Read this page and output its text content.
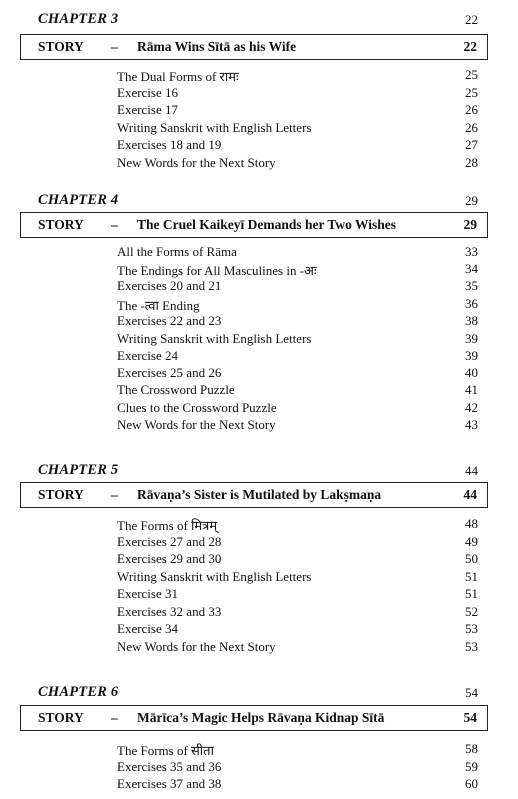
CHAPTER 3	22
STORY – Rāma Wins Sītā as his Wife	22
The Dual Forms of रामः	25
Exercise 16	25
Exercise 17	26
Writing Sanskrit with English Letters	26
Exercises 18 and 19	27
New Words for the Next Story	28
CHAPTER 4	29
STORY – The Cruel Kaikeyī Demands her Two Wishes	29
All the Forms of Rāma	33
The Endings for All Masculines in -अः	34
Exercises 20 and 21	35
The -त्वा Ending	36
Exercises 22 and 23	38
Writing Sanskrit with English Letters	39
Exercise 24	39
Exercises 25 and 26	40
The Crossword Puzzle	41
Clues to the Crossword Puzzle	42
New Words for the Next Story	43
CHAPTER 5	44
STORY – Rāvaṇa’s Sister is Mutilated by Lakṣmaṇa	44
The Forms of मित्रम्	48
Exercises 27 and 28	49
Exercises 29 and 30	50
Writing Sanskrit with English Letters	51
Exercise 31	51
Exercises 32 and 33	52
Exercise 34	53
New Words for the Next Story	53
CHAPTER 6	54
STORY – Mārīca’s Magic Helps Rāvaṇa Kidnap Sītā	54
The Forms of सीता	58
Exercises 35 and 36	59
Exercises 37 and 38	60
